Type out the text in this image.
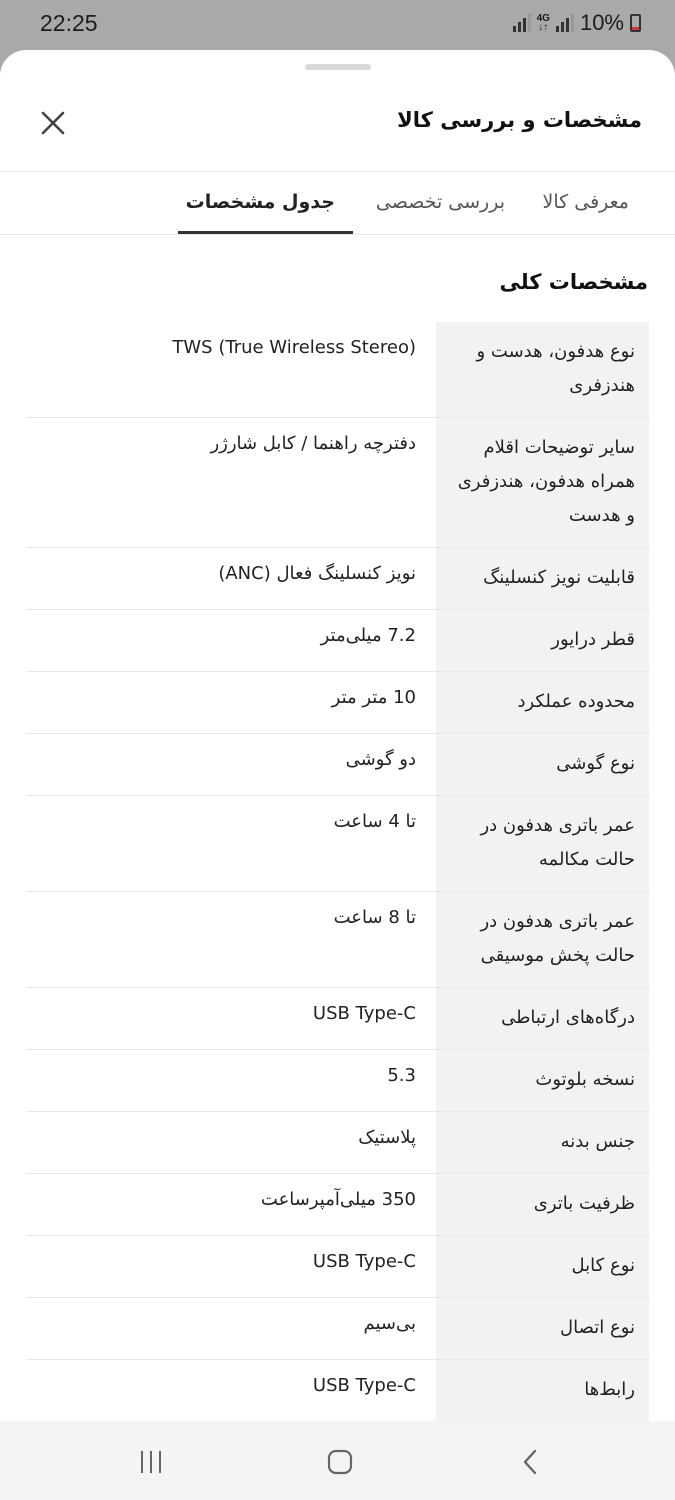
22:25	4G
↓↑ 10%
مشخصات و بررسی کالا
معرفی کالا
بررسی تخصصی
جدول مشخصات
مشخصات کلی
نوع هدفون، هدست و هندزفری
TWS (True Wireless Stereo)
سایر توضیحات اقلام همراه هدفون، هندزفری و هدست
دفترچه راهنما / کابل شارژر
قابلیت نویز کنسلینگ
نویز کنسلینگ فعال (ANC)
قطر درایور
7.2 میلی‌متر
محدوده عملکرد
10 متر متر
نوع گوشی
دو گوشی
عمر باتری هدفون در حالت مکالمه
تا 4 ساعت
عمر باتری هدفون در حالت پخش موسیقی
تا 8 ساعت
درگاه‌های ارتباطی
USB Type-C
نسخه بلوتوث
5.3
جنس بدنه
پلاستیک
ظرفیت باتری
350 میلی‌آمپرساعت
نوع کابل
USB Type-C
نوع اتصال
بی‌سیم
رابط‌ها
USB Type-C
